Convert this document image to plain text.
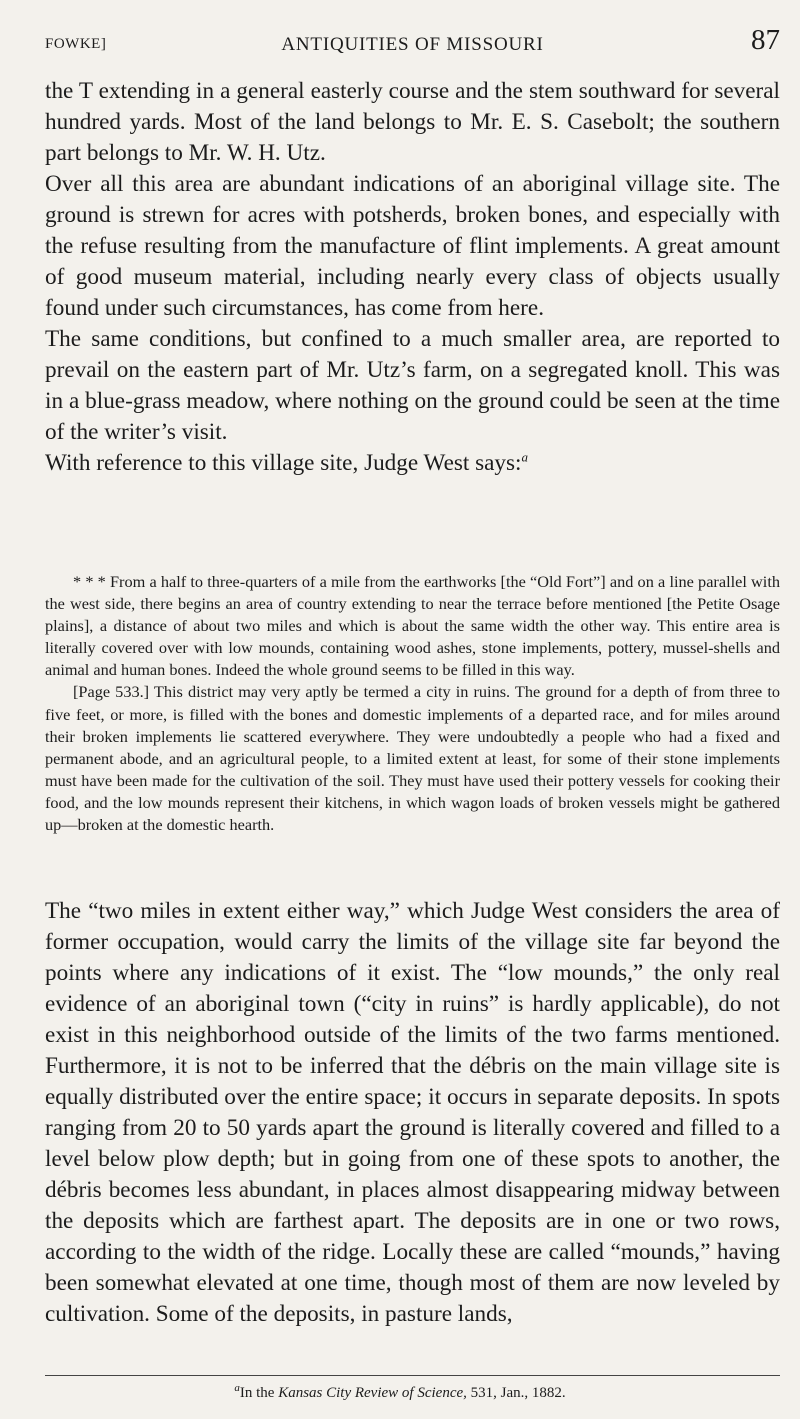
FOWKE]	ANTIQUITIES OF MISSOURI	87

the T extending in a general easterly course and the stem southward for several hundred yards. Most of the land belongs to Mr. E. S. Casebolt; the southern part belongs to Mr. W. H. Utz.

Over all this area are abundant indications of an aboriginal village site. The ground is strewn for acres with potsherds, broken bones, and especially with the refuse resulting from the manufacture of flint implements. A great amount of good museum material, including nearly every class of objects usually found under such circumstances, has come from here.

The same conditions, but confined to a much smaller area, are reported to prevail on the eastern part of Mr. Utz’s farm, on a segregated knoll. This was in a blue-grass meadow, where nothing on the ground could be seen at the time of the writer’s visit.

With reference to this village site, Judge West says:$^a$

* * * From a half to three-quarters of a mile from the earthworks [the “Old Fort”] and on a line parallel with the west side, there begins an area of country extending to near the terrace before mentioned [the Petite Osage plains], a distance of about two miles and which is about the same width the other way. This entire area is literally covered over with low mounds, containing wood ashes, stone implements, pottery, mussel-shells and animal and human bones. Indeed the whole ground seems to be filled in this way.

[Page 533.] This district may very aptly be termed a city in ruins. The ground for a depth of from three to five feet, or more, is filled with the bones and domestic implements of a departed race, and for miles around their broken implements lie scattered everywhere. They were undoubtedly a people who had a fixed and permanent abode, and an agricultural people, to a limited extent at least, for some of their stone implements must have been made for the cultivation of the soil. They must have used their pottery vessels for cooking their food, and the low mounds represent their kitchens, in which wagon loads of broken vessels might be gathered up—broken at the domestic hearth.

The “two miles in extent either way,” which Judge West considers the area of former occupation, would carry the limits of the village site far beyond the points where any indications of it exist. The “low mounds,” the only real evidence of an aboriginal town (“city in ruins” is hardly applicable), do not exist in this neighborhood outside of the limits of the two farms mentioned. Furthermore, it is not to be inferred that the débris on the main village site is equally distributed over the entire space; it occurs in separate deposits. In spots ranging from 20 to 50 yards apart the ground is literally covered and filled to a level below plow depth; but in going from one of these spots to another, the débris becomes less abundant, in places almost disappearing midway between the deposits which are farthest apart. The deposits are in one or two rows, according to the width of the ridge. Locally these are called “mounds,” having been somewhat elevated at one time, though most of them are now leveled by cultivation. Some of the deposits, in pasture lands,

$^a$In the Kansas City Review of Science, 531, Jan., 1882.
